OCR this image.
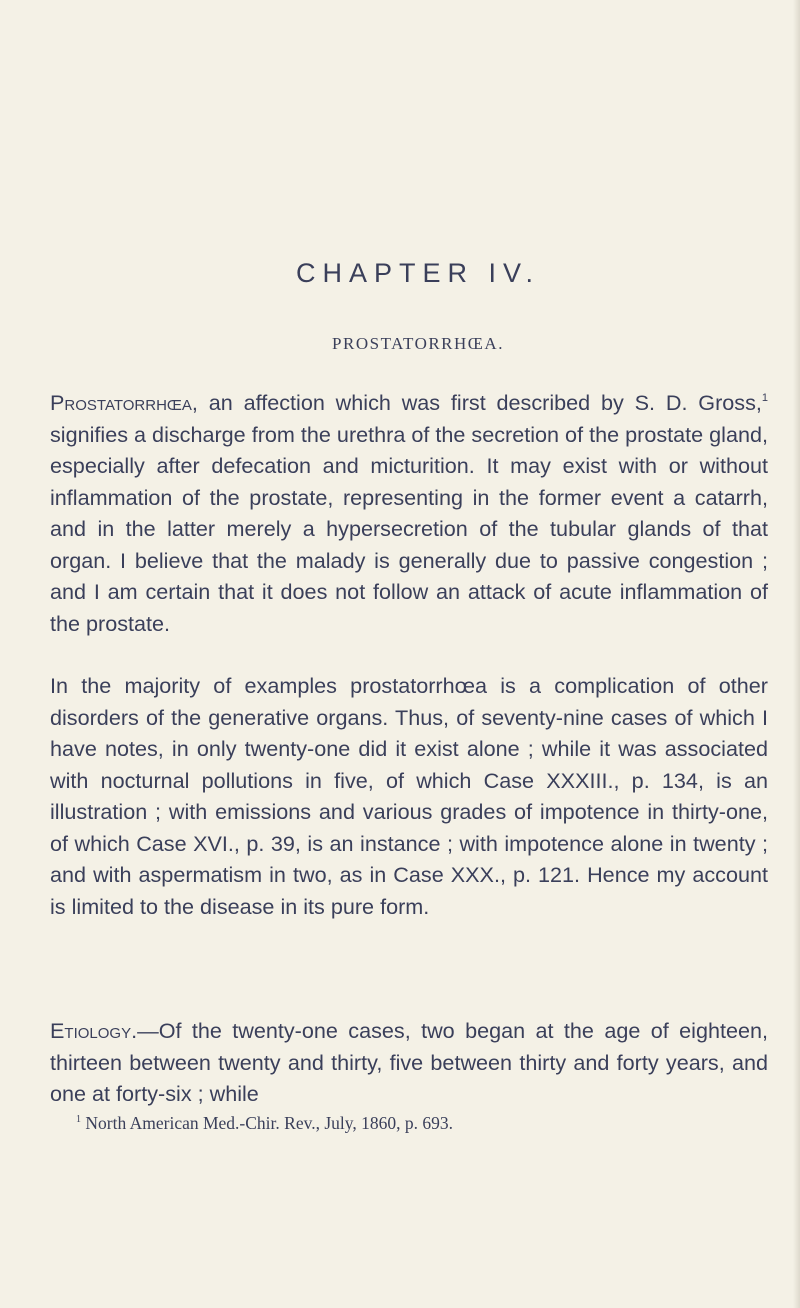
CHAPTER IV.
PROSTATORRHŒA.

Prostatorrhœa, an affection which was first described by S. D. Gross,$^1$ signifies a discharge from the urethra of the secretion of the prostate gland, especially after defecation and micturition. It may exist with or without inflammation of the prostate, representing in the former event a catarrh, and in the latter merely a hypersecretion of the tubular glands of that organ. I believe that the malady is generally due to passive congestion ; and I am certain that it does not follow an attack of acute inflammation of the prostate.

In the majority of examples prostatorrhœa is a complication of other disorders of the generative organs. Thus, of seventy-nine cases of which I have notes, in only twenty-one did it exist alone ; while it was associated with nocturnal pollutions in five, of which Case XXXIII., p. 134, is an illustration ; with emissions and various grades of impotence in thirty-one, of which Case XVI., p. 39, is an instance ; with impotence alone in twenty ; and with aspermatism in two, as in Case XXX., p. 121. Hence my account is limited to the disease in its pure form.

Etiology.—Of the twenty-one cases, two began at the age of eighteen, thirteen between twenty and thirty, five between thirty and forty years, and one at forty-six ; while

$^1$ North American Med.-Chir. Rev., July, 1860, p. 693.
